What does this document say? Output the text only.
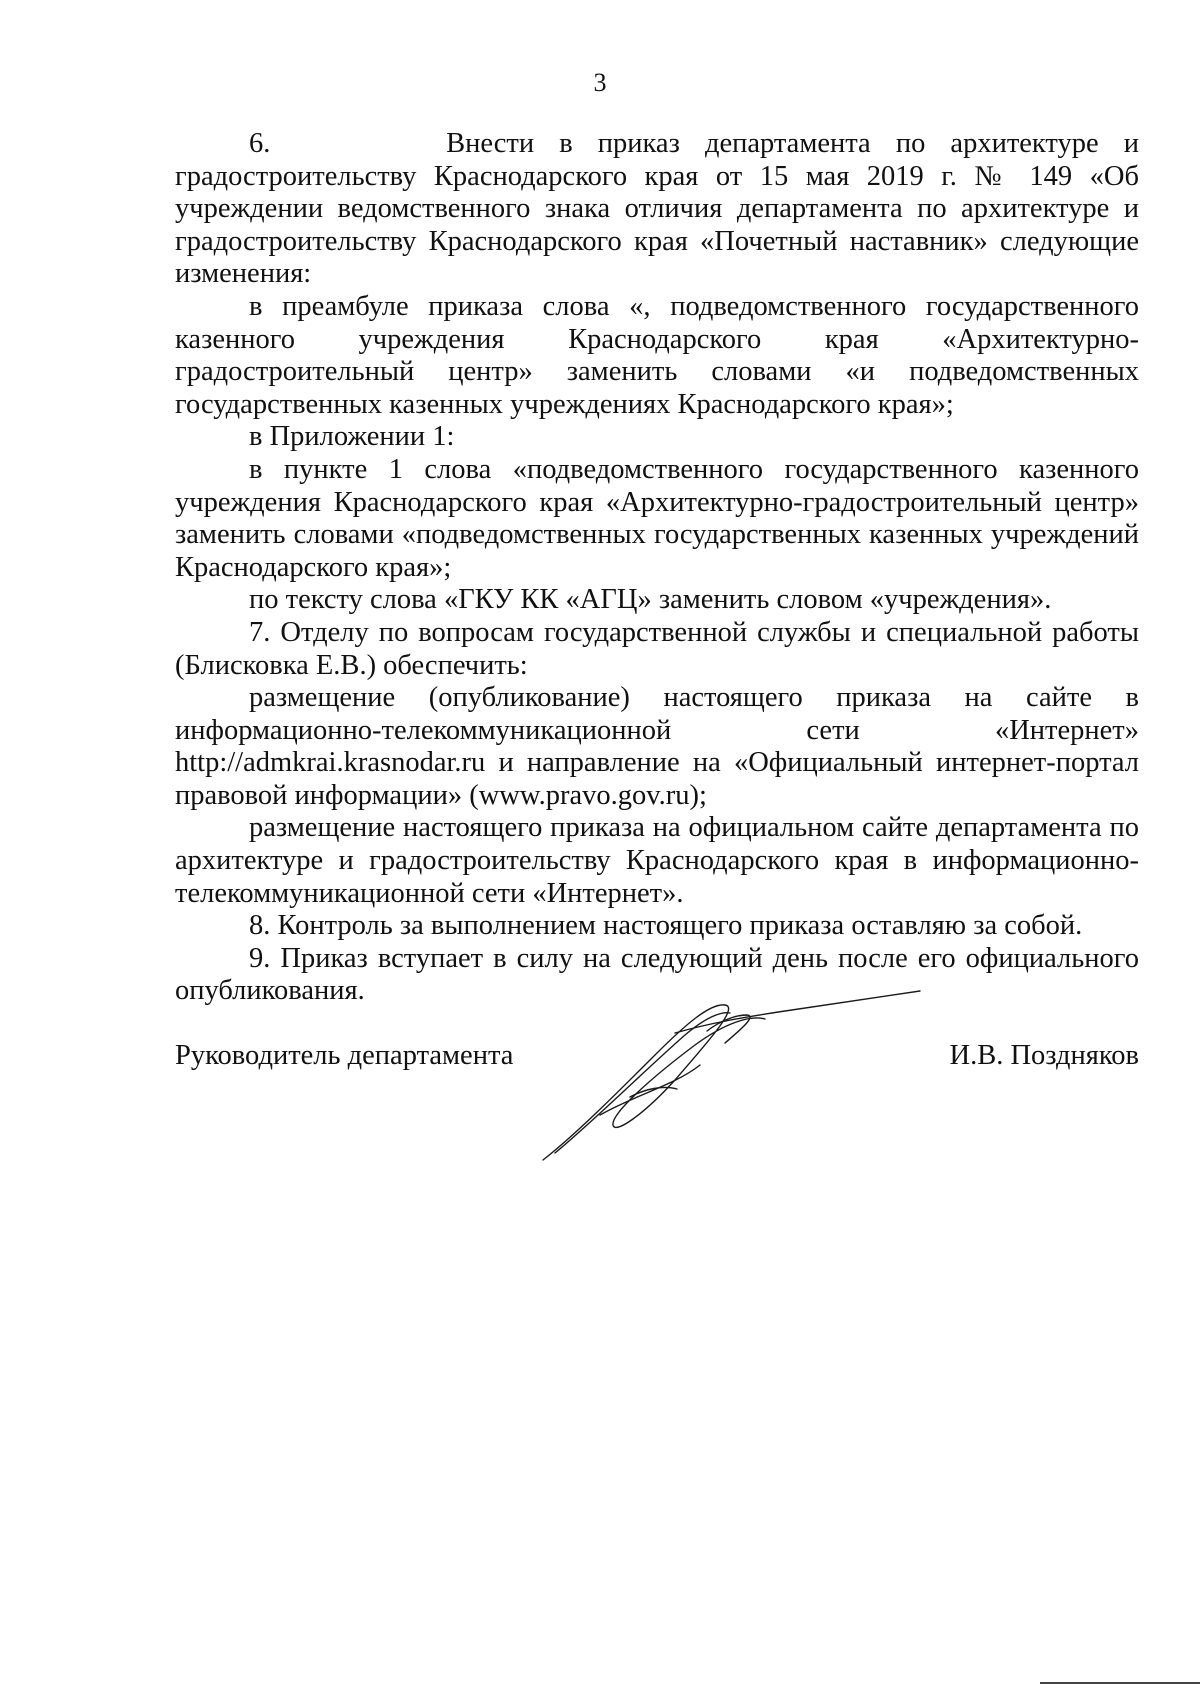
3

6.       Внести в приказ департамента по архитектуре и градостроительству Краснодарского края от 15 мая 2019 г. № 149 «Об учреждении ведомственного знака отличия департамента по архитектуре и градостроительству Краснодарского края «Почетный наставник» следующие изменения:

в преамбуле приказа слова «, подведомственного государственного казенного учреждения Краснодарского края «Архитектурно-градостроительный центр» заменить словами «и подведомственных государственных казенных учреждениях Краснодарского края»;

в Приложении 1:

в пункте 1 слова «подведомственного государственного казенного учреждения Краснодарского края «Архитектурно-градостроительный центр» заменить словами «подведомственных государственных казенных учреждений Краснодарского края»;

по тексту слова «ГКУ КК «АГЦ» заменить словом «учреждения».

7. Отделу по вопросам государственной службы и специальной работы (Блисковка Е.В.) обеспечить:

размещение (опубликование) настоящего приказа на сайте в информационно-телекоммуникационной сети «Интернет» http://admkrai.krasnodar.ru и направление на «Официальный интернет-портал правовой информации» (www.pravo.gov.ru);

размещение настоящего приказа на официальном сайте департамента по архитектуре и градостроительству Краснодарского края в информационно-телекоммуникационной сети «Интернет».

8. Контроль за выполнением настоящего приказа оставляю за собой.

9. Приказ вступает в силу на следующий день после его официального опубликования.

Руководитель департамента	И.В. Поздняков
